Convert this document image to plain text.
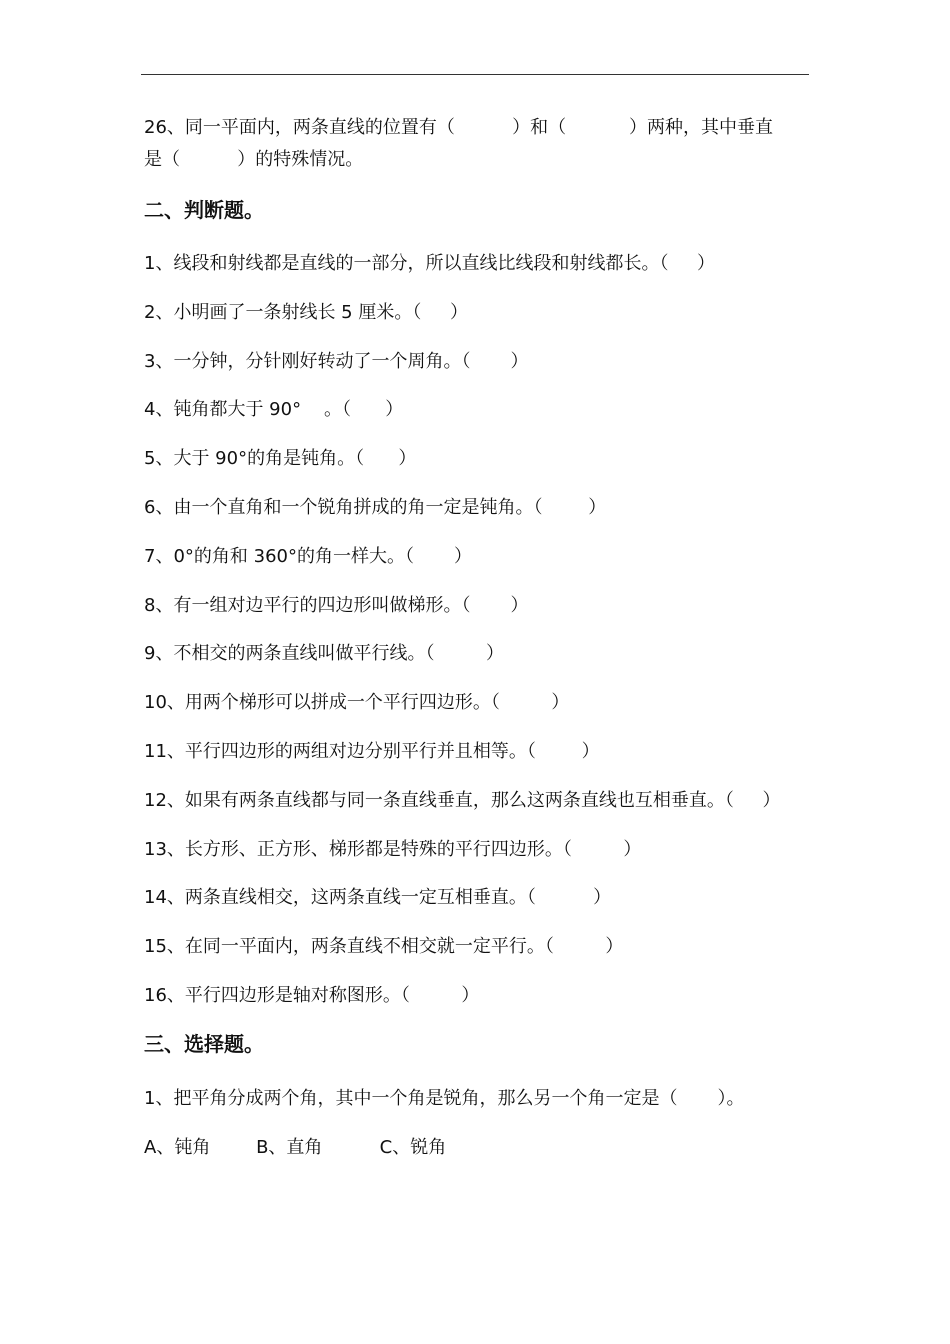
26、同一平面内，两条直线的位置有（          ）和（           ）两种，其中垂直
是（          ）的特殊情况。
二、判断题。
1、线段和射线都是直线的一部分，所以直线比线段和射线都长。（     ）
2、小明画了一条射线长 5 厘米。（     ）
3、一分钟，分针刚好转动了一个周角。（       ）
4、钝角都大于 90°    。（      ）
5、大于 90°的角是钝角。（      ）
6、由一个直角和一个锐角拼成的角一定是钝角。（        ）
7、0°的角和 360°的角一样大。（       ）
8、有一组对边平行的四边形叫做梯形。（       ）
9、不相交的两条直线叫做平行线。（         ）
10、用两个梯形可以拼成一个平行四边形。（         ）
11、平行四边形的两组对边分别平行并且相等。（        ）
12、如果有两条直线都与同一条直线垂直，那么这两条直线也互相垂直。（     ）
13、长方形、正方形、梯形都是特殊的平行四边形。（         ）
14、两条直线相交，这两条直线一定互相垂直。（          ）
15、在同一平面内，两条直线不相交就一定平行。（         ）
16、平行四边形是轴对称图形。（         ）
三、选择题。
1、把平角分成两个角，其中一个角是锐角，那么另一个角一定是（       ）。
A、钝角        B、直角          C、锐角
